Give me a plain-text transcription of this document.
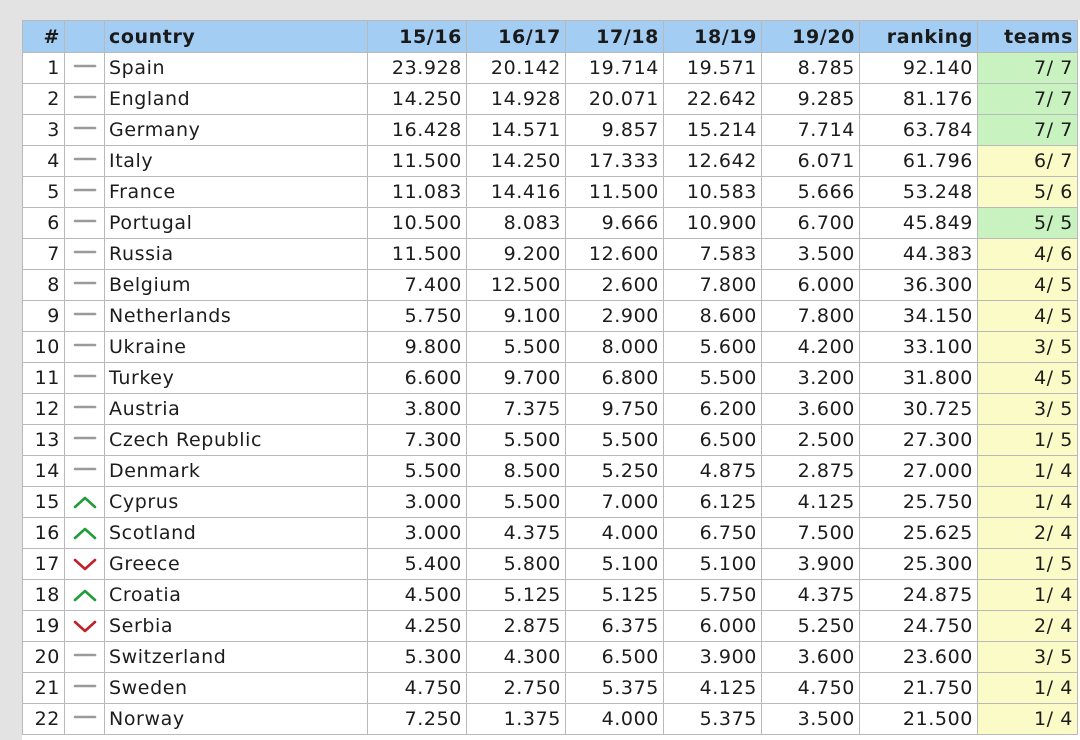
#		country	15/16	16/17	17/18	18/19	19/20	ranking	teams
1		Spain	23.928	20.142	19.714	19.571	8.785	92.140	7/ 7
2		England	14.250	14.928	20.071	22.642	9.285	81.176	7/ 7
3		Germany	16.428	14.571	9.857	15.214	7.714	63.784	7/ 7
4		Italy	11.500	14.250	17.333	12.642	6.071	61.796	6/ 7
5		France	11.083	14.416	11.500	10.583	5.666	53.248	5/ 6
6		Portugal	10.500	8.083	9.666	10.900	6.700	45.849	5/ 5
7		Russia	11.500	9.200	12.600	7.583	3.500	44.383	4/ 6
8		Belgium	7.400	12.500	2.600	7.800	6.000	36.300	4/ 5
9		Netherlands	5.750	9.100	2.900	8.600	7.800	34.150	4/ 5
10		Ukraine	9.800	5.500	8.000	5.600	4.200	33.100	3/ 5
11		Turkey	6.600	9.700	6.800	5.500	3.200	31.800	4/ 5
12		Austria	3.800	7.375	9.750	6.200	3.600	30.725	3/ 5
13		Czech Republic	7.300	5.500	5.500	6.500	2.500	27.300	1/ 5
14		Denmark	5.500	8.500	5.250	4.875	2.875	27.000	1/ 4
15		Cyprus	3.000	5.500	7.000	6.125	4.125	25.750	1/ 4
16		Scotland	3.000	4.375	4.000	6.750	7.500	25.625	2/ 4
17		Greece	5.400	5.800	5.100	5.100	3.900	25.300	1/ 5
18		Croatia	4.500	5.125	5.125	5.750	4.375	24.875	1/ 4
19		Serbia	4.250	2.875	6.375	6.000	5.250	24.750	2/ 4
20		Switzerland	5.300	4.300	6.500	3.900	3.600	23.600	3/ 5
21		Sweden	4.750	2.750	5.375	4.125	4.750	21.750	1/ 4
22		Norway	7.250	1.375	4.000	5.375	3.500	21.500	1/ 4
